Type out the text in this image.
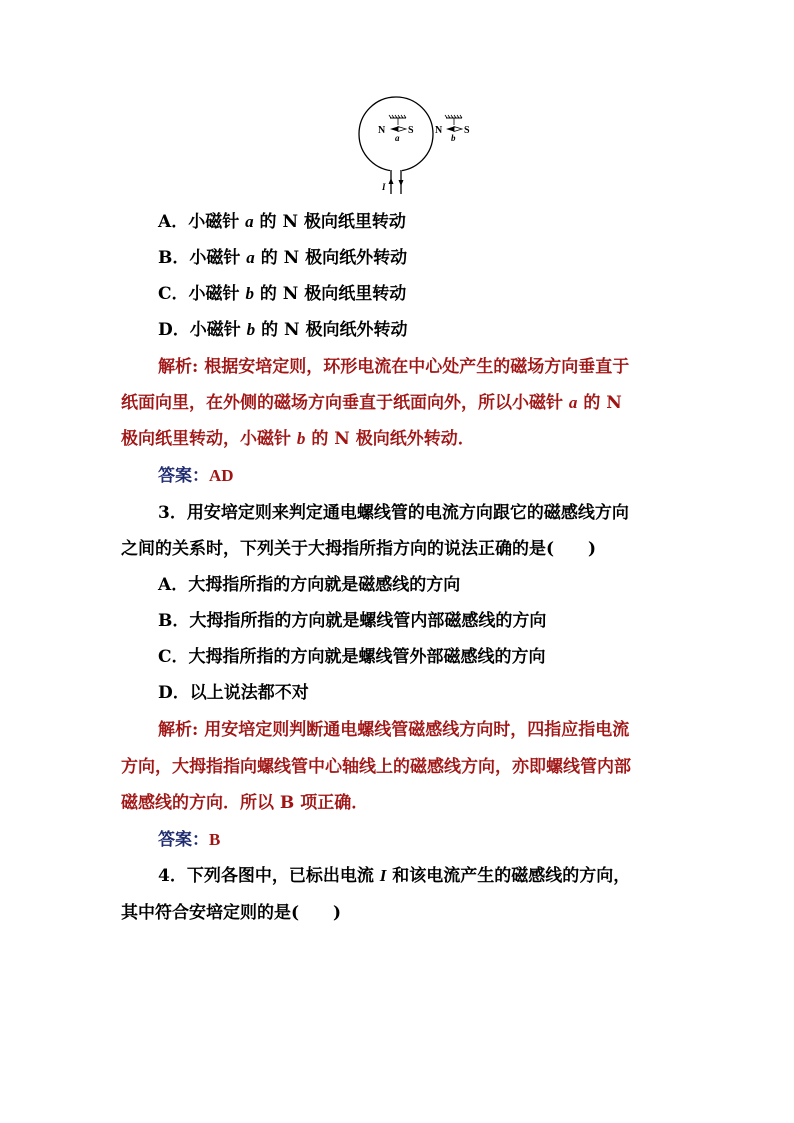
I
N S
a
N S
b
A．小磁针 a 的 N 极向纸里转动
B．小磁针 a 的 N 极向纸外转动
C．小磁针 b 的 N 极向纸里转动
D．小磁针 b 的 N 极向纸外转动
解析: 根据安培定则，环形电流在中心处产生的磁场方向垂直于
纸面向里，在外侧的磁场方向垂直于纸面向外，所以小磁针 a 的 N
极向纸里转动，小磁针 b 的 N 极向纸外转动．
答案：AD
3．用安培定则来判定通电螺线管的电流方向跟它的磁感线方向
之间的关系时，下列关于大拇指所指方向的说法正确的是(　　)
A．大拇指所指的方向就是磁感线的方向
B．大拇指所指的方向就是螺线管内部磁感线的方向
C．大拇指所指的方向就是螺线管外部磁感线的方向
D．以上说法都不对
解析: 用安培定则判断通电螺线管磁感线方向时，四指应指电流
方向，大拇指指向螺线管中心轴线上的磁感线方向，亦即螺线管内部
磁感线的方向．所以 B 项正确．
答案：B
4．下列各图中，已标出电流 I 和该电流产生的磁感线的方向，
其中符合安培定则的是(　　)
